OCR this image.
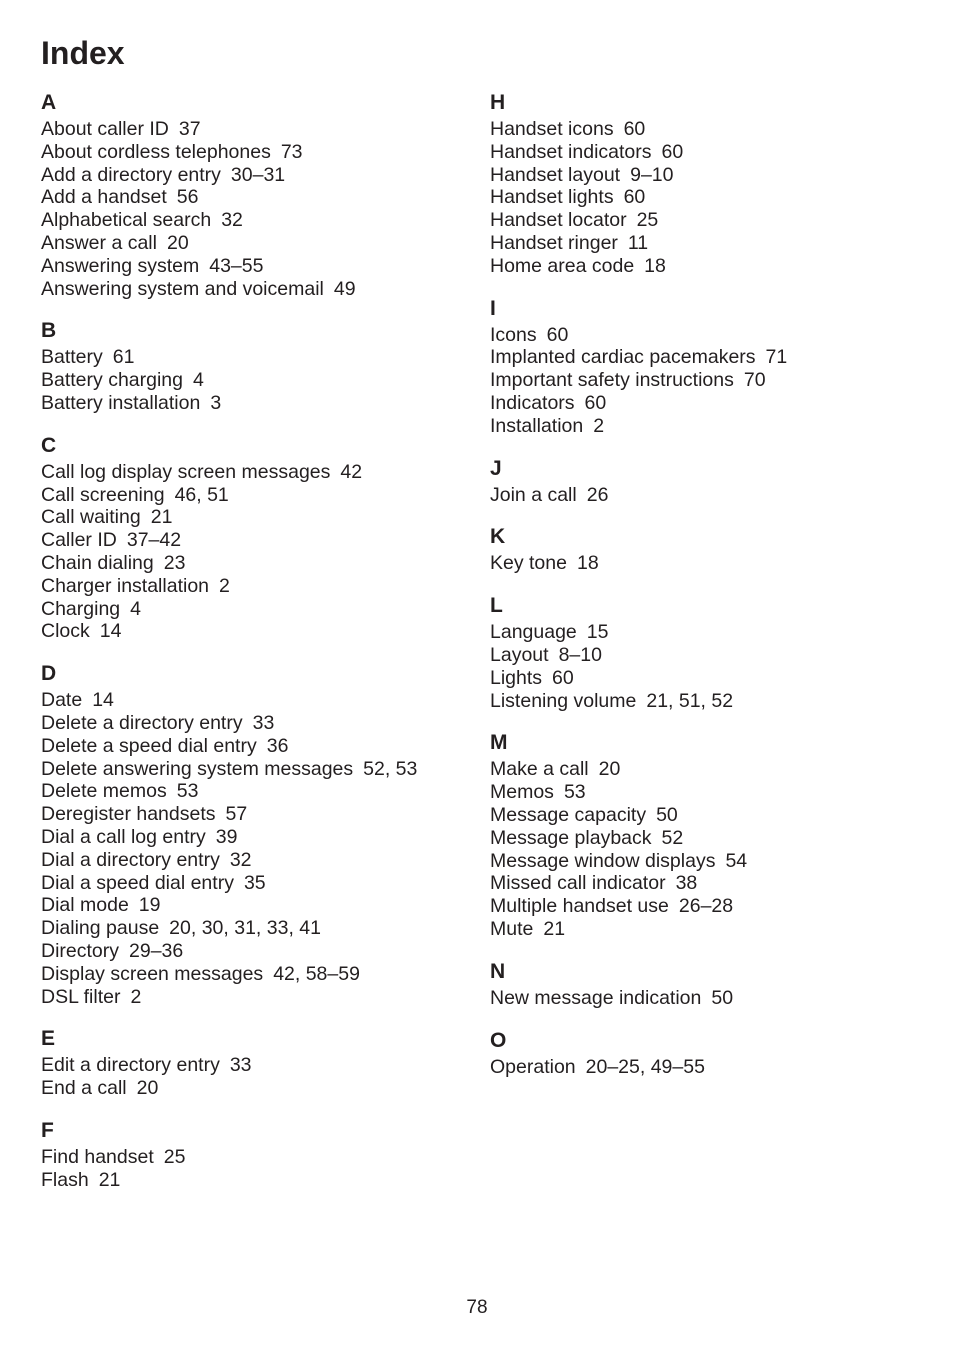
Index
A
About caller ID 37
About cordless telephones 73
Add a directory entry 30–31
Add a handset 56
Alphabetical search 32
Answer a call 20
Answering system 43–55
Answering system and voicemail 49
B
Battery 61
Battery charging 4
Battery installation 3
C
Call log display screen messages 42
Call screening 46, 51
Call waiting 21
Caller ID 37–42
Chain dialing 23
Charger installation 2
Charging 4
Clock 14
D
Date 14
Delete a directory entry 33
Delete a speed dial entry 36
Delete answering system messages 52, 53
Delete memos 53
Deregister handsets 57
Dial a call log entry 39
Dial a directory entry 32
Dial a speed dial entry 35
Dial mode 19
Dialing pause 20, 30, 31, 33, 41
Directory 29–36
Display screen messages 42, 58–59
DSL filter 2
E
Edit a directory entry 33
End a call 20
F
Find handset 25
Flash 21
H
Handset icons 60
Handset indicators 60
Handset layout 9–10
Handset lights 60
Handset locator 25
Handset ringer 11
Home area code 18
I
Icons 60
Implanted cardiac pacemakers 71
Important safety instructions 70
Indicators 60
Installation 2
J
Join a call 26
K
Key tone 18
L
Language 15
Layout 8–10
Lights 60
Listening volume 21, 51, 52
M
Make a call 20
Memos 53
Message capacity 50
Message playback 52
Message window displays 54
Missed call indicator 38
Multiple handset use 26–28
Mute 21
N
New message indication 50
O
Operation 20–25, 49–55
78
